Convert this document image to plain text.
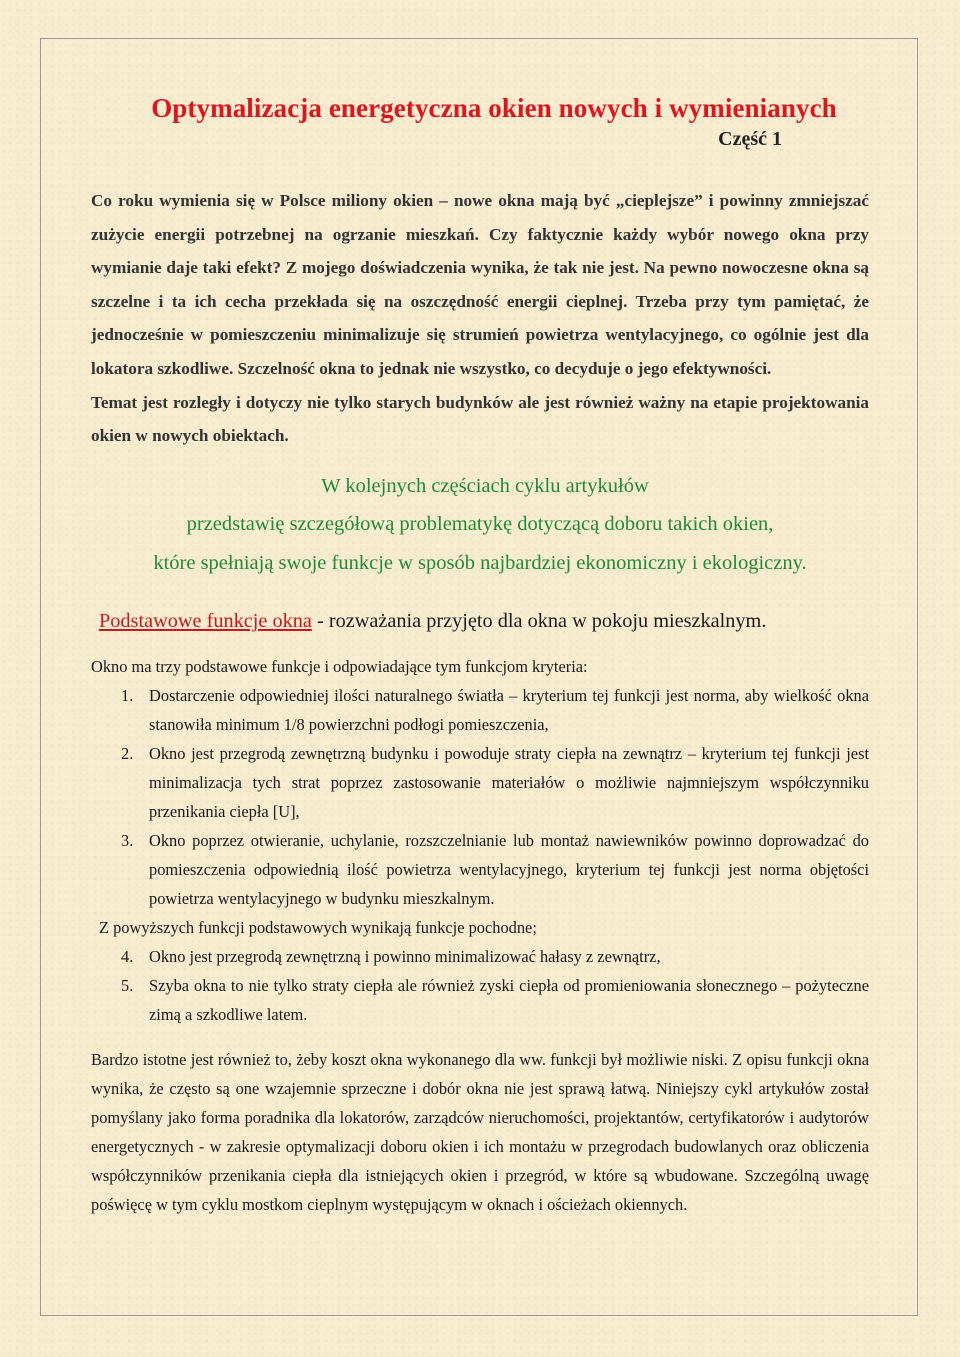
Optymalizacja energetyczna okien nowych i wymienianych
Część 1

Co roku wymienia się w Polsce miliony okien – nowe okna mają być „cieplejsze” i powinny zmniejszać zużycie energii potrzebnej na ogrzanie mieszkań. Czy faktycznie każdy wybór nowego okna przy wymianie daje taki efekt? Z mojego doświadczenia wynika, że tak nie jest. Na pewno nowoczesne okna są szczelne i ta ich cecha przekłada się na oszczędność energii cieplnej. Trzeba przy tym pamiętać, że jednocześnie w pomieszczeniu minimalizuje się strumień powietrza wentylacyjnego, co ogólnie jest dla lokatora szkodliwe. Szczelność okna to jednak nie wszystko, co decyduje o jego efektywności.

Temat jest rozległy i dotyczy nie tylko starych budynków ale jest również ważny na etapie projektowania okien w nowych obiektach.

W kolejnych częściach cyklu artykułów

przedstawię szczegółową problematykę dotyczącą doboru takich okien,

które spełniają swoje funkcje w sposób najbardziej ekonomiczny i ekologiczny.

Podstawowe funkcje okna - rozważania przyjęto dla okna w pokoju mieszkalnym.
Okno ma trzy podstawowe funkcje i odpowiadające tym funkcjom kryteria:
1. Dostarczenie odpowiedniej ilości naturalnego światła – kryterium tej funkcji jest norma, aby wielkość okna stanowiła minimum 1/8 powierzchni podłogi pomieszczenia,
2. Okno jest przegrodą zewnętrzną budynku i powoduje straty ciepła na zewnątrz – kryterium tej funkcji jest minimalizacja tych strat poprzez zastosowanie materiałów o możliwie najmniejszym współczynniku przenikania ciepła [U],
3. Okno poprzez otwieranie, uchylanie, rozszczelnianie lub montaż nawiewników powinno doprowadzać do pomieszczenia odpowiednią ilość powietrza wentylacyjnego, kryterium tej funkcji jest norma objętości powietrza wentylacyjnego w budynku mieszkalnym.
Z powyższych funkcji podstawowych wynikają funkcje pochodne;
4. Okno jest przegrodą zewnętrzną i powinno minimalizować hałasy z zewnątrz,
5. Szyba okna to nie tylko straty ciepła ale również zyski ciepła od promieniowania słonecznego – pożyteczne zimą a szkodliwe latem.

Bardzo istotne jest również to, żeby koszt okna wykonanego dla ww. funkcji był możliwie niski. Z opisu funkcji okna wynika, że często są one wzajemnie sprzeczne i dobór okna nie jest sprawą łatwą. Niniejszy cykl artykułów został pomyślany jako forma poradnika dla lokatorów, zarządców nieruchomości, projektantów, certyfikatorów i audytorów energetycznych - w zakresie optymalizacji doboru okien i ich montażu w przegrodach budowlanych oraz obliczenia współczynników przenikania ciepła dla istniejących okien i przegród, w które są wbudowane. Szczególną uwagę poświęcę w tym cyklu mostkom cieplnym występującym w oknach i ościeżach okiennych.
